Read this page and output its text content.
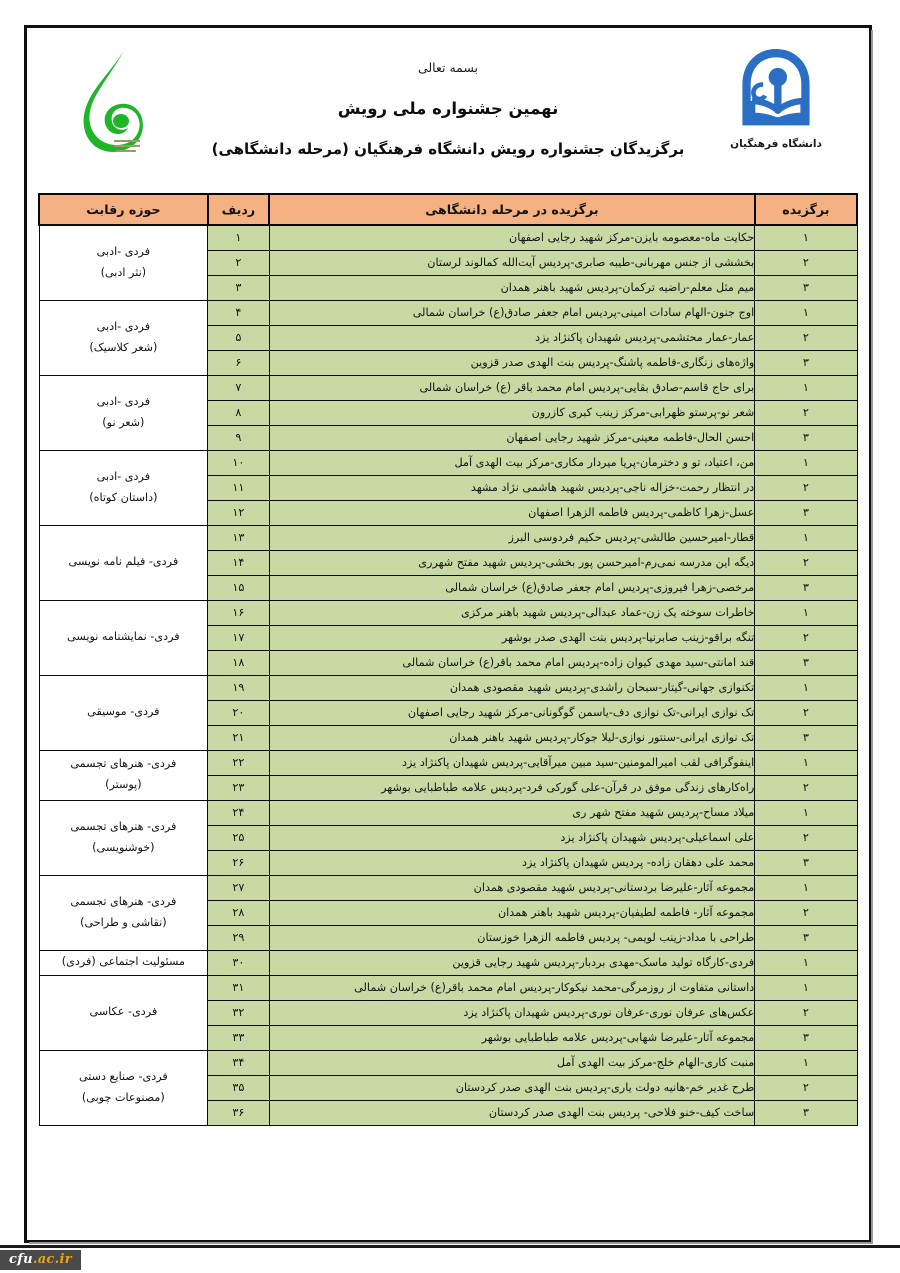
دانشگاه فرهنگیان
بسمه تعالی
نهمین جشنواره ملی رویش
برگزیدگان جشنواره رویش دانشگاه فرهنگیان (مرحله دانشگاهی)
برگزیده	برگزیده در مرحله دانشگاهی	ردیف	حوزه رقابت
۱	حکایت ماه-معصومه بایزن-مرکز شهید رجایی اصفهان	۱	فردی -ادبی
(نثر ادبی)
۲	بخششی از جنس مهربانی-طیبه صابری-پردیس آیت‌الله کمالوند لرستان	۲	
۳	میم مثل معلم-راضیه ترکمان-پردیس شهید باهنر همدان	۳	
۱	اوج جنون-الهام سادات امینی-پردیس امام جعفر صادق(ع) خراسان شمالی	۴	فردی -ادبی
(شعر کلاسیک)
۲	عمار-عمار محتشمی-پردیس شهیدان پاکنژاد یزد	۵	
۳	واژه‌های زنگاری-فاطمه پاشنگ-پردیس بنت الهدی صدر قزوین	۶	
۱	برای حاج قاسم-صادق بقایی-پردیس امام محمد باقر (ع) خراسان شمالی	۷	فردی -ادبی
(شعر نو)
۲	شعر نو-پرستو ظهرابی-مرکز زینب کبری کازرون	۸	
۳	احسن الحال-فاطمه معینی-مرکز شهید رجایی اصفهان	۹	
۱	من، اعتیاد، تو و دخترمان-پریا میردار مکاری-مرکز بیت الهدی آمل	۱۰	فردی -ادبی
(داستان کوتاه)
۲	در انتظار رحمت-خزاله ناجی-پردیس شهید هاشمی نژاد مشهد	۱۱	
۳	عسل-زهرا کاظمی-پردیس فاطمه الزهرا اصفهان	۱۲	
۱	قطار-امیرحسین طالشی-پردیس حکیم فردوسی البرز	۱۳	فردی- فیلم نامه نویسی
۲	دیگه این مدرسه نمی‌رم-امیرحسن پور بخشی-پردیس شهید مفتح شهرری	۱۴	
۳	مرخصی-زهرا فیروزی-پردیس امام جعفر صادق(ع) خراسان شمالی	۱۵	
۱	خاطرات سوخته یک زن-عماد عبدالی-پردیس شهید باهنر مرکزی	۱۶	فردی- نمایشنامه نویسی
۲	تنگه براقو-زینب صابرنیا-پردیس بنت الهدی صدر بوشهر	۱۷	
۳	قند امانتی-سید مهدی کیوان زاده-پردیس امام محمد باقر(ع) خراسان شمالی	۱۸	
۱	تکنوازی جهانی-گیتار-سبحان راشدی-پردیس شهید مقصودی همدان	۱۹	فردی- موسیقی
۲	تک نوازی ایرانی-تک نوازی دف-یاسمن گوگونانی-مرکز شهید رجایی اصفهان	۲۰	
۳	تک نوازی ایرانی-سنتور نوازی-لیلا جوکار-پردیس شهید باهنر همدان	۲۱	
۱	اینفوگرافی لقب امیرالمومنین-سید مبین میرآقایی-پردیس شهیدان پاکنژاد یزد	۲۲	فردی- هنرهای تجسمی
(پوستر)
۲	راه‌کارهای زندگی موفق در قرآن-علی گورکی فرد-پردیس علامه طباطبایی بوشهر	۲۳	
۱	میلاد مساح-پردیس شهید مفتح شهر ری	۲۴	فردی- هنرهای تجسمی
(خوشنویسی)
۲	علی اسماعیلی-پردیس شهیدان پاکنژاد یزد	۲۵	
۳	محمد علی دهقان زاده- پردیس شهیدان پاکنژاد یزد	۲۶	
۱	مجموعه آثار-علیرضا بردستانی-پردیس شهید مقصودی همدان	۲۷	فردی- هنرهای تجسمی
(نقاشی و طراحی)
۲	مجموعه آثار- فاطمه لطیفیان-پردیس شهید باهنر همدان	۲۸	
۳	طراحی با مداد-زینب لویمی- پردیس فاطمه الزهرا خوزستان	۲۹	
۱	فردی-کارگاه تولید ماسک-مهدی بردبار-پردیس شهید رجایی قزوین	۳۰	مسئولیت اجتماعی (فردی)
۱	داستانی متفاوت از روزمرگی-محمد نیکوکار-پردیس امام محمد باقر(ع) خراسان شمالی	۳۱	فردی- عکاسی
۲	عکس‌های عرفان نوری-عرفان نوری-پردیس شهیدان پاکنژاد یزد	۳۲	
۳	مجموعه آثار-علیرضا شهابی-پردیس علامه طباطبایی بوشهر	۳۳	
۱	منبت کاری-الهام خلج-مرکز بیت الهدی آمل	۳۴	فردی- صنایع دستی
(مصنوعات چوبی)
۲	طرح غدیر خم-هانیه دولت یاری-پردیس بنت الهدی صدر کردستان	۳۵	
۳	ساخت کیف-خنو فلاحی- پردیس بنت الهدی صدر کردستان	۳۶	
cfu.ac.ir
